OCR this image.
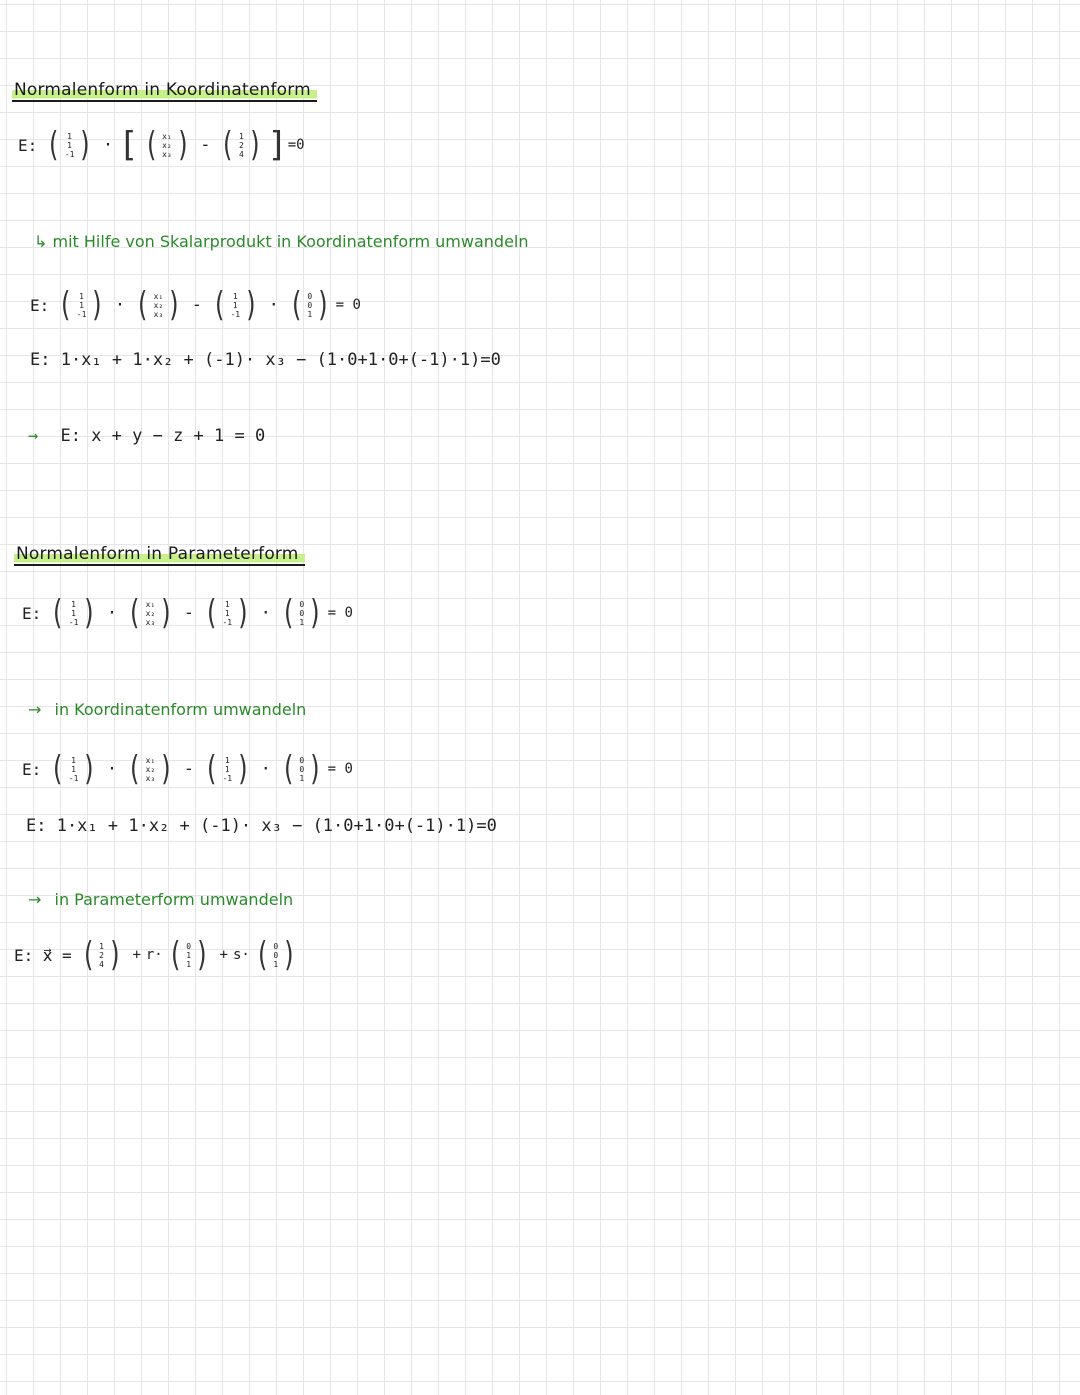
Normalenform in Koordinatenform
E: ( 1
1
-1 ) · [ ( x₁
x₂
x₃ ) - ( 1
2
4 ) ] =0
↳ mit Hilfe von Skalarprodukt in Koordinatenform umwandeln
E: ( 1
1
-1 ) · ( x₁
x₂
x₃ ) - ( 1
1
-1 ) · ( 0
0
1 ) = 0
E: 1·x₁ + 1·x₂ + (-1)· x₃ − (1·0+1·0+(-1)·1)=0
→ E: x + y − z + 1 = 0
Normalenform in Parameterform
E: ( 1
1
-1 ) · ( x₁
x₂
x₃ ) - ( 1
1
-1 ) · ( 0
0
1 ) = 0
→ in Koordinatenform umwandeln
E: ( 1
1
-1 ) · ( x₁
x₂
x₃ ) - ( 1
1
-1 ) · ( 0
0
1 ) = 0
E: 1·x₁ + 1·x₂ + (-1)· x₃ − (1·0+1·0+(-1)·1)=0
→ in Parameterform umwandeln
E: x⃗ = ( 1
2
4 ) + r· ( 0
1
1 ) + s· ( 0
0
1 )
